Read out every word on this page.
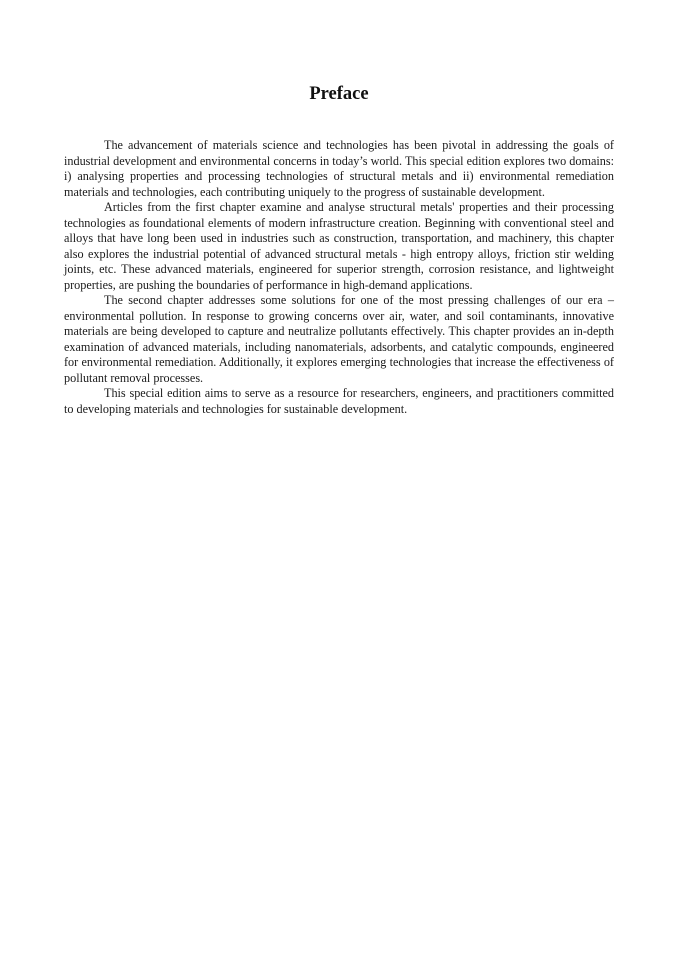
Preface

The advancement of materials science and technologies has been pivotal in addressing the goals of industrial development and environmental concerns in today’s world. This special edition explores two domains: i) analysing properties and processing technologies of structural metals and ii) environmental remediation materials and technologies, each contributing uniquely to the progress of sustainable development.

Articles from the first chapter examine and analyse structural metals' properties and their processing technologies as foundational elements of modern infrastructure creation. Beginning with conventional steel and alloys that have long been used in industries such as construction, transportation, and machinery, this chapter also explores the industrial potential of advanced structural metals - high entropy alloys, friction stir welding joints, etc. These advanced materials, engineered for superior strength, corrosion resistance, and lightweight properties, are pushing the boundaries of performance in high-demand applications.

The second chapter addresses some solutions for one of the most pressing challenges of our era – environmental pollution. In response to growing concerns over air, water, and soil contaminants, innovative materials are being developed to capture and neutralize pollutants effectively. This chapter provides an in-depth examination of advanced materials, including nanomaterials, adsorbents, and catalytic compounds, engineered for environmental remediation. Additionally, it explores emerging technologies that increase the effectiveness of pollutant removal processes.

This special edition aims to serve as a resource for researchers, engineers, and practitioners committed to developing materials and technologies for sustainable development.
